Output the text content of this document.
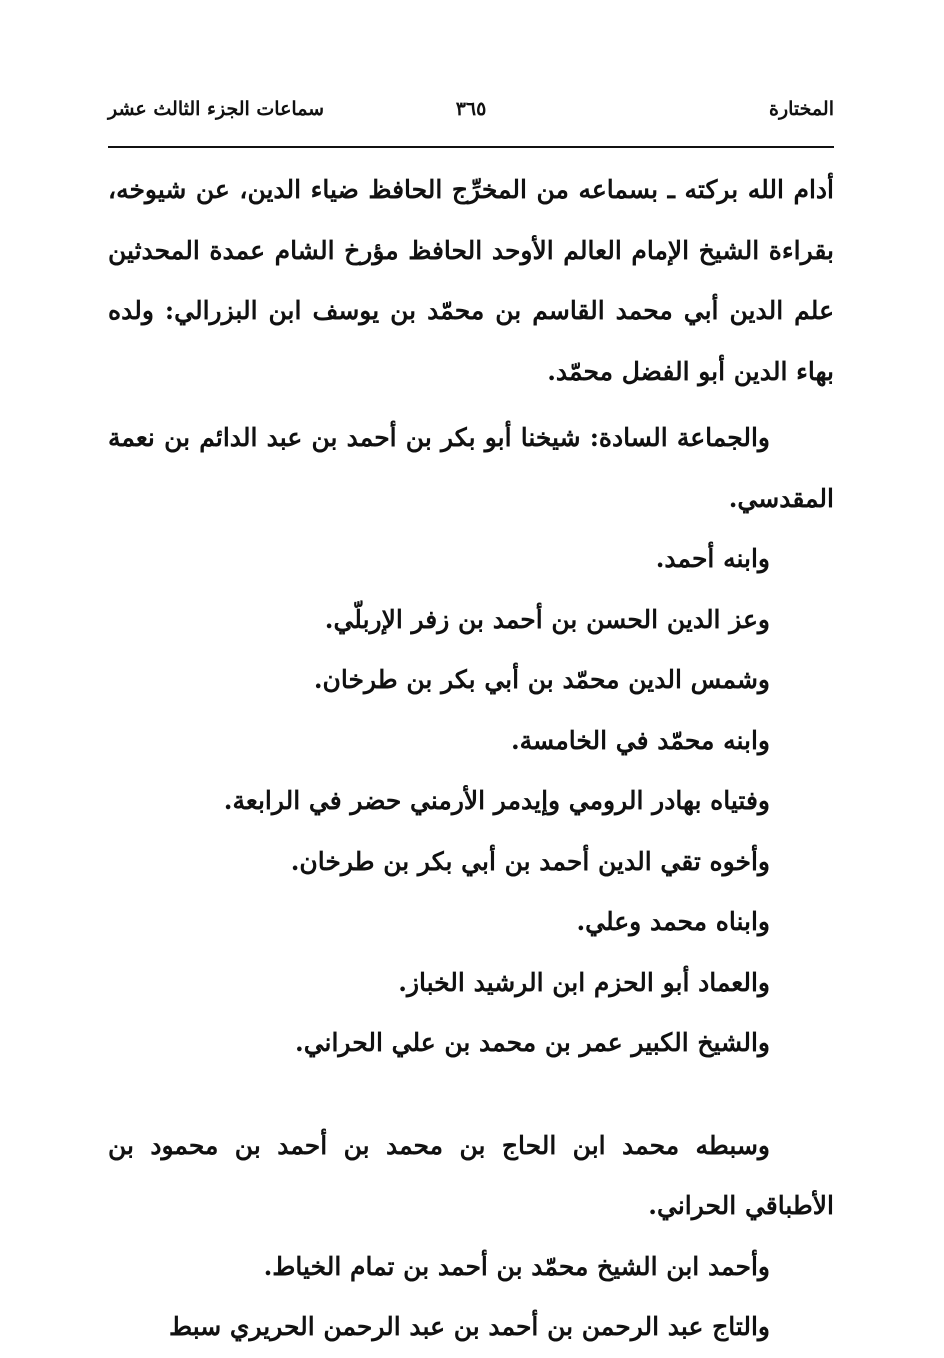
المختارة
٣٦٥
سماعات الجزء الثالث عشر

أدام الله بركته ـ بسماعه من المخرِّج الحافظ ضياء الدين، عن شيوخه، بقراءة الشيخ الإمام العالم الأوحد الحافظ مؤرخ الشام عمدة المحدثين علم الدين أبي محمد القاسم بن محمّد بن يوسف ابن البزرالي: ولده بهاء الدين أبو الفضل محمّد.

والجماعة السادة: شيخنا أبو بكر بن أحمد بن عبد الدائم بن نعمة المقدسي.

وابنه أحمد.

وعز الدين الحسن بن أحمد بن زفر الإربلّي.

وشمس الدين محمّد بن أبي بكر بن طرخان.

وابنه محمّد في الخامسة.

وفتياه بهادر الرومي وإيدمر الأرمني حضر في الرابعة.

وأخوه تقي الدين أحمد بن أبي بكر بن طرخان.

وابناه محمد وعلي.

والعماد أبو الحزم ابن الرشيد الخباز.

والشيخ الكبير عمر بن محمد بن علي الحراني.

وسبطه محمد ابن الحاج بن محمد بن أحمد بن محمود بن الأطباقي الحراني.

وأحمد ابن الشيخ محمّد بن أحمد بن تمام الخياط.

والتاج عبد الرحمن بن أحمد بن عبد الرحمن الحريري سبط
